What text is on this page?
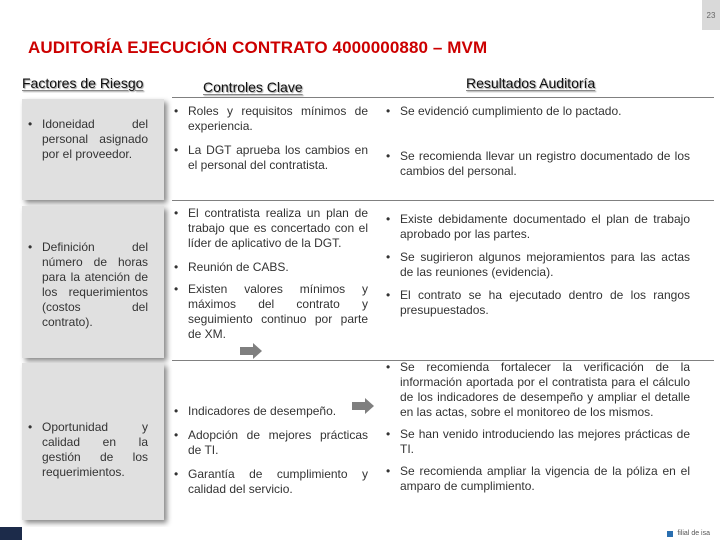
23
AUDITORÍA EJECUCIÓN CONTRATO 4000000880 – MVM
Factores de Riesgo	Controles Clave	Resultados Auditoría
• Idoneidad del personal asignado por el proveedor.
• Definición del número de horas para la atención de los requerimientos (costos del contrato).
• Oportunidad y calidad en la gestión de los requerimientos.
• Roles y requisitos mínimos de experiencia.
• La DGT aprueba los cambios en el personal del contratista.
• El contratista realiza un plan de trabajo que es concertado con el líder de aplicativo de la DGT.
• Reunión de CABS.
• Existen valores mínimos y máximos del contrato y seguimiento continuo por parte de XM.
• Indicadores de desempeño.
• Adopción de mejores prácticas de TI.
• Garantía de cumplimiento y calidad del servicio.
• Se evidenció cumplimiento de lo pactado.
• Se recomienda llevar un registro documentado de los cambios del personal.
• Existe debidamente documentado el plan de trabajo aprobado por las partes.
• Se sugirieron algunos mejoramientos para las actas de las reuniones (evidencia).
• El contrato se ha ejecutado dentro de los rangos presupuestados.
• Se recomienda fortalecer la verificación de la información aportada por el contratista para el cálculo de los indicadores de desempeño y ampliar el detalle en las actas, sobre el monitoreo de los mismos.
• Se han venido introduciendo las mejores prácticas de TI.
• Se recomienda ampliar la vigencia de la póliza en el amparo de cumplimiento.
filial de isa
